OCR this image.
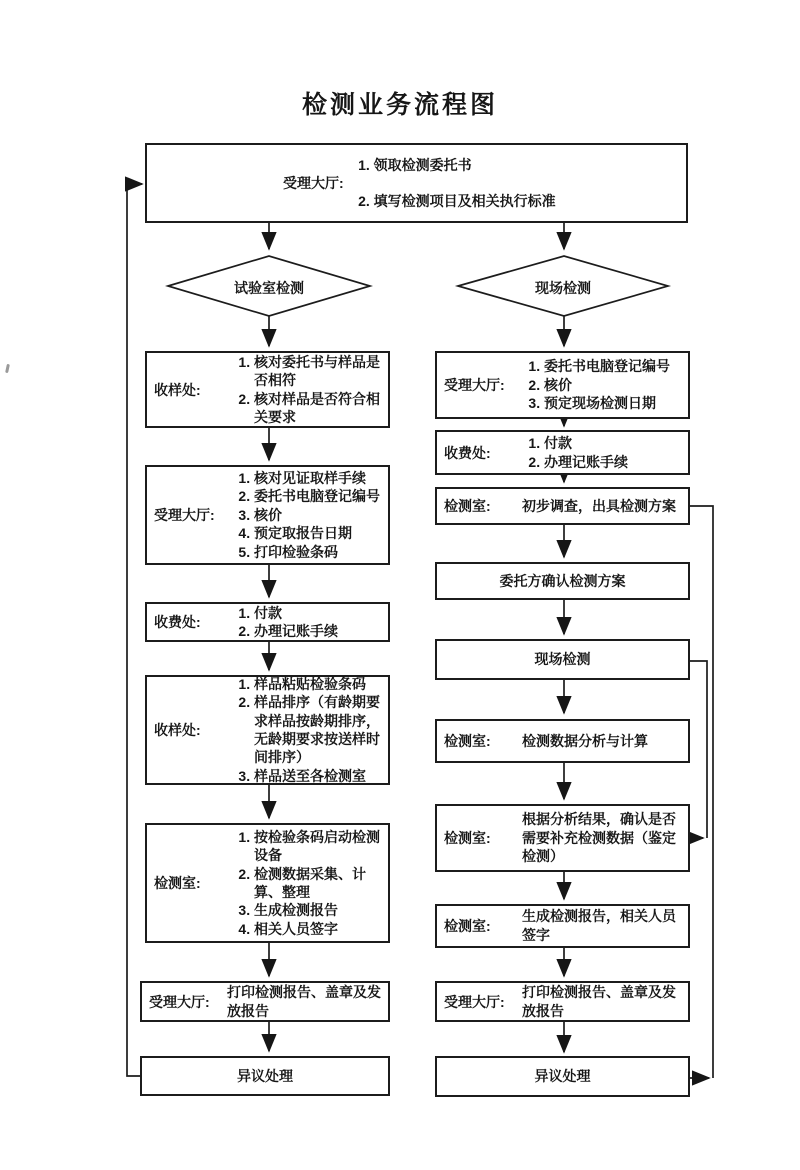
检测业务流程图
受理大厅:
1. 领取检测委托书
2. 填写检测项目及相关执行标准
试验室检测	现场检测
收样处:
1. 核对委托书与样品是否相符
2. 核对样品是否符合相关要求
受理大厅:
1. 核对见证取样手续
2. 委托书电脑登记编号
3. 核价
4. 预定取报告日期
5. 打印检验条码
收费处:
1. 付款
2. 办理记账手续
收样处:
1. 样品粘贴检验条码
2. 样品排序（有龄期要求样品按龄期排序，无龄期要求按送样时间排序）
3. 样品送至各检测室
检测室:
1. 按检验条码启动检测设备
2. 检测数据采集、计算、整理
3. 生成检测报告
4. 相关人员签字
受理大厅:
打印检测报告、盖章及发放报告
异议处理
受理大厅:
1. 委托书电脑登记编号
2. 核价
3. 预定现场检测日期
收费处:
1. 付款
2. 办理记账手续
检测室:	初步调查，出具检测方案
委托方确认检测方案
现场检测
检测室:	检测数据分析与计算
检测室:
根据分析结果，确认是否需要补充检测数据（鉴定检测）
检测室:
生成检测报告，相关人员签字
受理大厅:
打印检测报告、盖章及发放报告
异议处理
